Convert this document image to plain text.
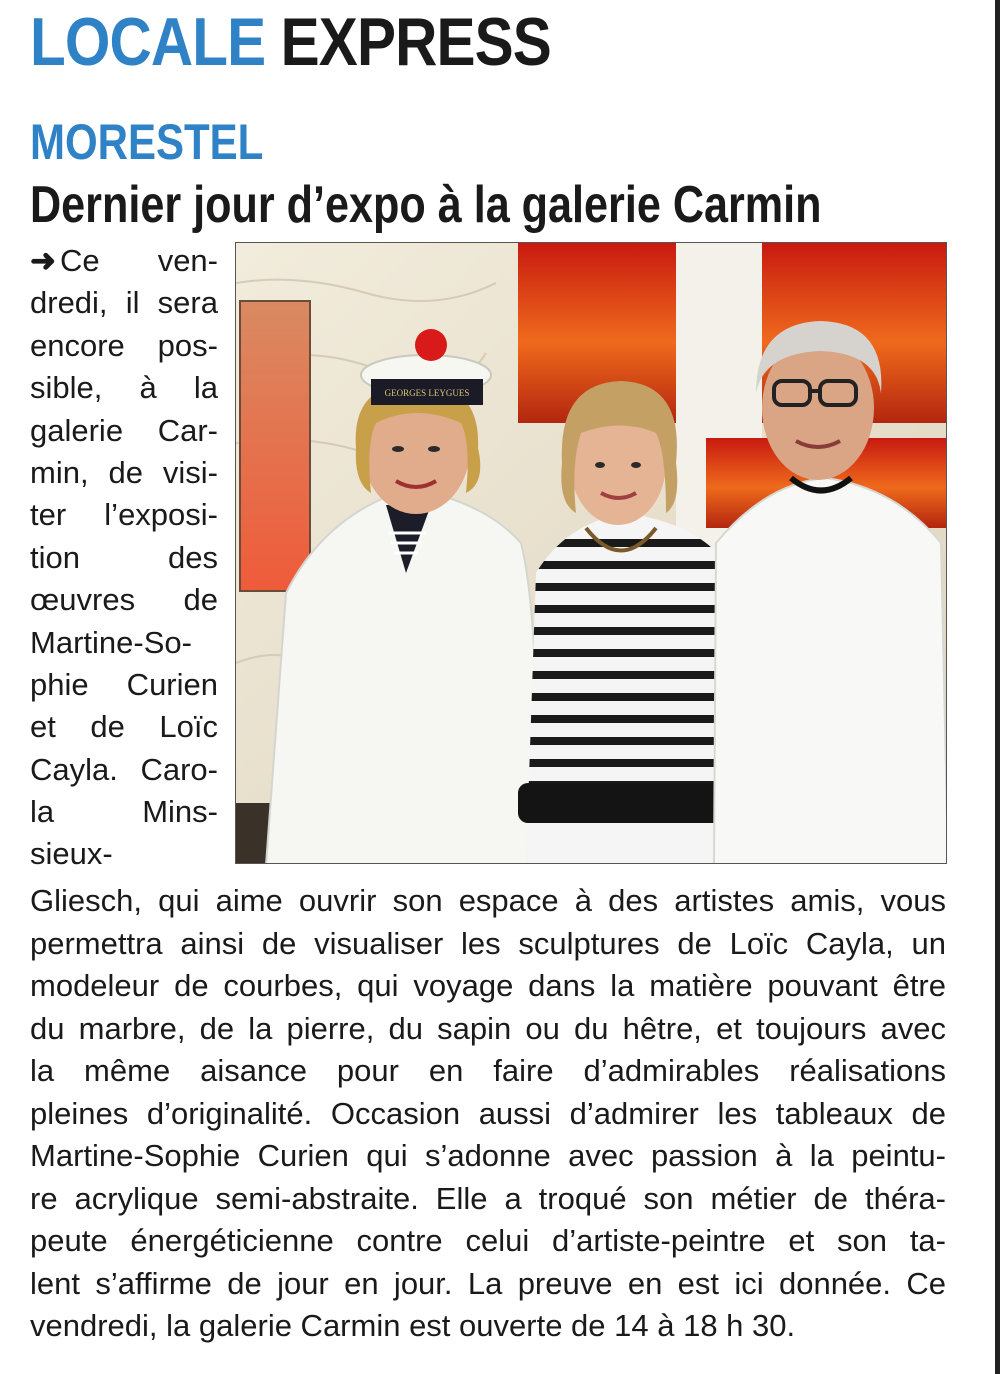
LOCALE EXPRESS
MORESTEL
Dernier jour d’expo à la galerie Carmin
➜ Ce ven-
dredi, il sera
encore pos-
sible, à la
galerie Car-
min, de visi-
ter l’exposi-
tion des
œuvres de
Martine-So-
phie Curien
et de Loïc
Cayla. Caro-
la Mins-
sieux-
GEORGES LEYGUES
Gliesch, qui aime ouvrir son espace à des artistes amis, vous
permettra ainsi de visualiser les sculptures de Loïc Cayla, un
modeleur de courbes, qui voyage dans la matière pouvant être
du marbre, de la pierre, du sapin ou du hêtre, et toujours avec
la même aisance pour en faire d’admirables réalisations
pleines d’originalité. Occasion aussi d’admirer les tableaux de
Martine-Sophie Curien qui s’adonne avec passion à la peintu-
re acrylique semi-abstraite. Elle a troqué son métier de théra-
peute énergéticienne contre celui d’artiste-peintre et son ta-
lent s’affirme de jour en jour. La preuve en est ici donnée. Ce
vendredi, la galerie Carmin est ouverte de 14 à 18 h 30.
